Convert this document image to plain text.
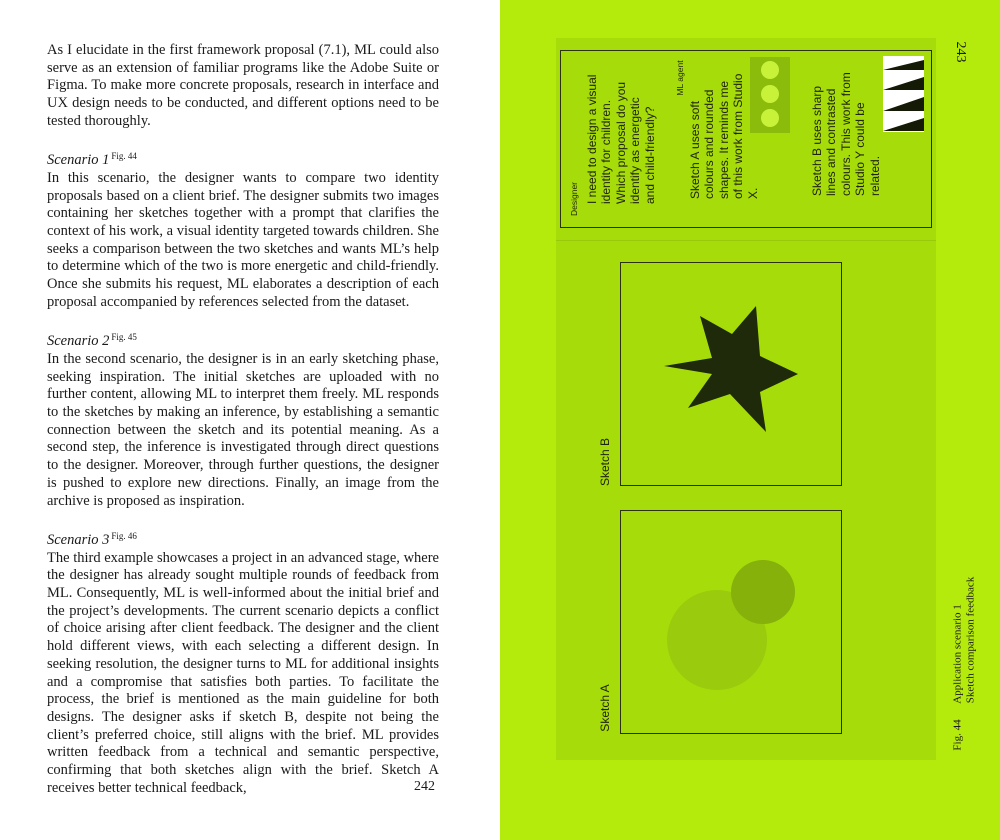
As I elucidate in the first framework proposal (7.1), ML could also serve as an extension of familiar programs like the Adobe Suite or Figma. To make more concrete proposals, research in interface and UX design needs to be conducted, and different options need to be tested thoroughly.

Scenario 1 $^{Fig. 44}$

In this scenario, the designer wants to compare two identity proposals based on a client brief. The designer submits two images containing her sketches together with a prompt that clarifies the context of his work, a visual identity targeted towards children. She seeks a comparison between the two sketches and wants ML’s help to determine which of the two is more energetic and child-friendly. Once she submits his request, ML elaborates a description of each proposal accompanied by references selected from the dataset.

Scenario 2 $^{Fig. 45}$

In the second scenario, the designer is in an early sketching phase, seeking inspiration. The initial sketches are uploaded with no further content, allowing ML to interpret them freely. ML responds to the sketches by making an inference, by establishing a semantic connection between the sketch and its potential meaning. As a second step, the inference is investigated through direct questions to the designer. Moreover, through further questions, the designer is pushed to explore new directions. Finally, an image from the archive is proposed as inspiration.

Scenario 3 $^{Fig. 46}$

The third example showcases a project in an advanced stage, where the designer has already sought multiple rounds of feedback from ML. Consequently, ML is well-informed about the initial brief and the project’s developments. The current scenario depicts a conflict of choice arising after client feedback. The designer and the client hold different views, with each selecting a different design. In seeking resolution, the designer turns to ML for additional insights and a compromise that satisfies both parties. To facilitate the process, the brief is mentioned as the main guideline for both designs. The designer asks if sketch B, despite not being the client’s preferred choice, still aligns with the brief. ML provides written feedback from a technical and semantic perspective, confirming that both sketches align with the brief. Sketch A receives better technical feedback,	242
243
Designer I need to design a visual identity for children. Which proposal do you identify as energetic and child-friendly?
ML agent
Sketch A uses soft colours and rounded shapes. It reminds me of this work from Studio X.	Sketch B uses sharp lines and contrasted colours. This work from Studio Y could be related.
Sketch B
Sketch A
Fig. 44
Application scenario 1 Sketch comparison feedback
